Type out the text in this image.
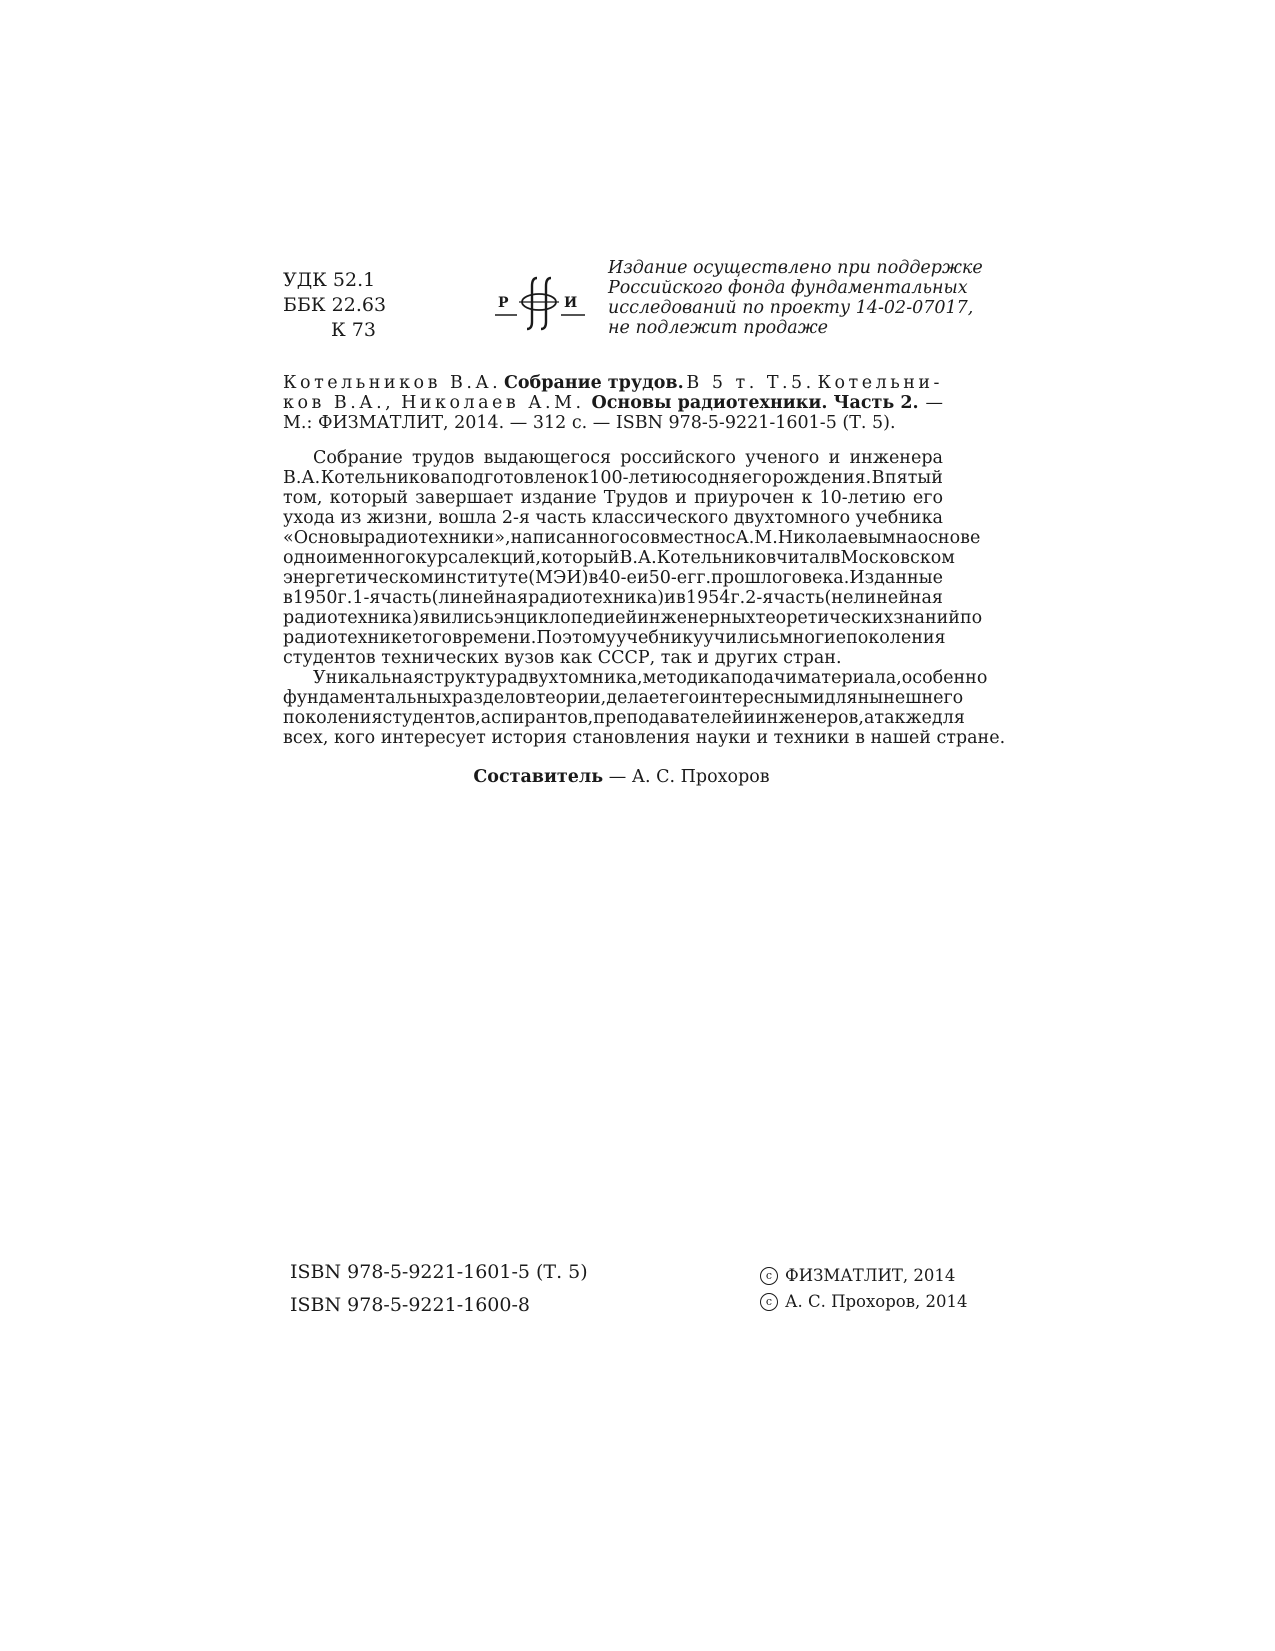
УДК 52.1
ББК 22.63
К 73
Р	И
Издание осуществлено при поддержке
Российского фонда фундаментальных
исследований по проекту 14-02-07017,
не подлежит продаже
Котельников В.А. Собрание трудов. В 5 т. Т.5. Котельни-
ков В.А., Николаев А.М. Основы радиотехники. Часть 2. —
М.: ФИЗМАТЛИТ, 2014. — 312 с. — ISBN 978-5-9221-1601-5 (Т. 5).
Собрание трудов выдающегося российского ученого и инженера
В.А. Котельникова подготовлено к 100-летию со дня его рождения. В пятый
том, который завершает издание Трудов и приурочен к 10-летию его
ухода из жизни, вошла 2-я часть классического двухтомного учебника
«Основы радиотехники», написанного совместно с А.М. Николаевым на основе
одноименного курса лекций, который В.А. Котельников читал в Московском
энергетическом институте (МЭИ) в 40-е и 50-е гг. прошлого века. Изданные
в 1950 г. 1-я часть (линейная радиотехника) и в 1954 г. 2-я часть (нелинейная
радиотехника) явились энциклопедией инженерных теоретических знаний по
радиотехнике того времени. По этому учебнику учились многие поколения
студентов технических вузов как СССР, так и других стран.
Уникальная структура двухтомника, методика подачи материала, особенно
фундаментальных разделов теории, делает его интересным и для нынешнего
поколения студентов, аспирантов, преподавателей и инженеров, а также для
всех, кого интересует история становления науки и техники в нашей стране.
Составитель — А. С. Прохоров
ISBN 978-5-9221-1601-5 (Т. 5)
ISBN 978-5-9221-1600-8
c ФИЗМАТЛИТ, 2014
c А. С. Прохоров, 2014
